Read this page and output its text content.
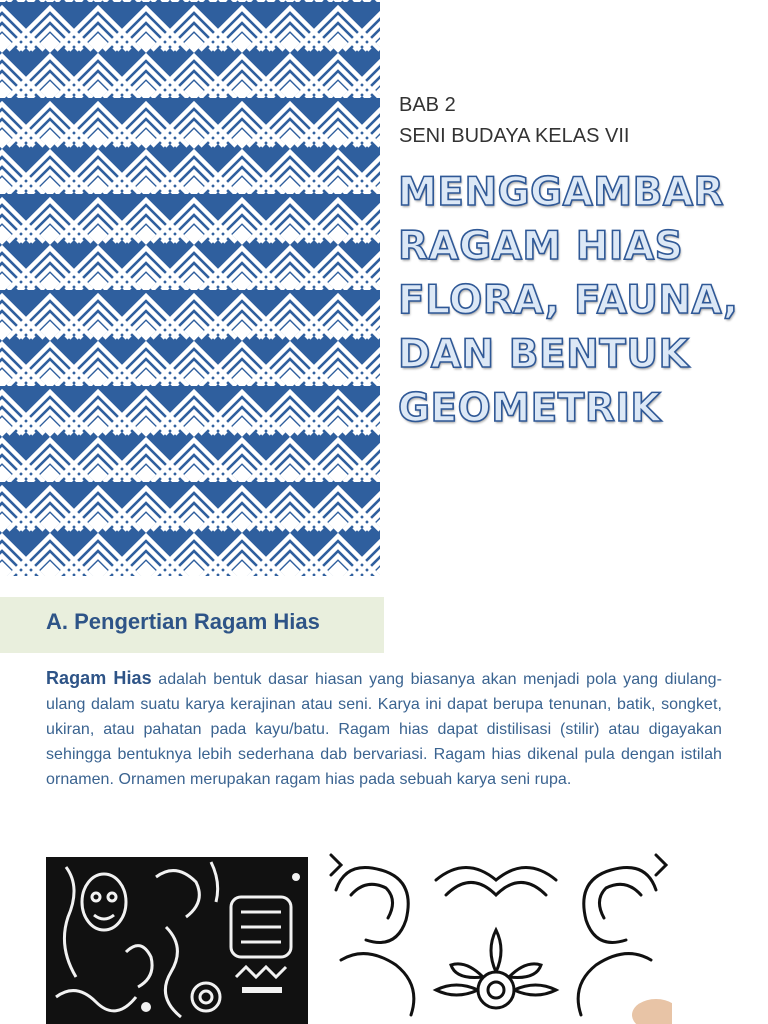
BAB 2
SENI BUDAYA KELAS VII
MENGGAMBAR
RAGAM HIAS
FLORA, FAUNA,
DAN BENTUK
GEOMETRIK
A. Pengertian Ragam Hias

Ragam Hias adalah bentuk dasar hiasan yang biasanya akan menjadi pola yang diulang-ulang dalam suatu karya kerajinan atau seni. Karya ini dapat berupa tenunan, batik, songket, ukiran, atau pahatan pada kayu/batu. Ragam hias dapat distilisasi (stilir) atau digayakan sehingga bentuknya lebih sederhana dab bervariasi. Ragam hias dikenal pula dengan istilah ornamen. Ornamen merupakan ragam hias pada sebuah karya seni rupa.
